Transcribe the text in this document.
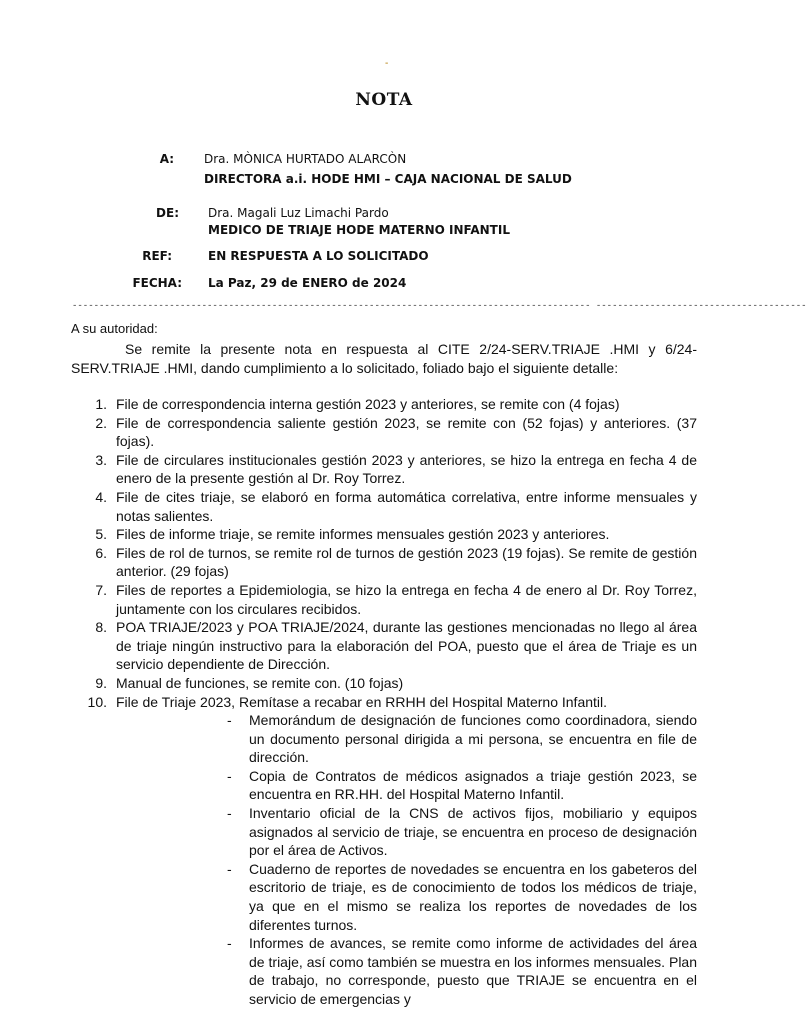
-
NOTA
A:	Dra. MÒNICA HURTADO ALARCÒN
DIRECTORA a.i. HODE HMI – CAJA NACIONAL DE SALUD
DE: Dra. Magali Luz Limachi Pardo
MEDICO DE TRIAJE HODE MATERNO INFANTIL
REF:	EN RESPUESTA A LO SOLICITADO
FECHA: La Paz, 29 de ENERO de 2024
------------------------------------------------------------------------------------------------ ---------------------------------------
A su autoridad:
Se remite la presente nota en respuesta al CITE 2/24-SERV.TRIAJE .HMI y 6/24-SERV.TRIAJE .HMI, dando cumplimiento a lo solicitado, foliado bajo el siguiente detalle:
1. File de correspondencia interna gestión 2023 y anteriores, se remite con (4 fojas)
2. File de correspondencia saliente gestión 2023, se remite con (52 fojas) y anteriores. (37 fojas).
3. File de circulares institucionales gestión 2023 y anteriores, se hizo la entrega en fecha 4 de enero de la presente gestión al Dr. Roy Torrez.
4. File de cites triaje, se elaboró en forma automática correlativa, entre informe mensuales y notas salientes.
5. Files de informe triaje, se remite informes mensuales gestión 2023 y anteriores.
6. Files de rol de turnos, se remite rol de turnos de gestión 2023 (19 fojas). Se remite de gestión anterior. (29 fojas)
7. Files de reportes a Epidemiologia, se hizo la entrega en fecha 4 de enero al Dr. Roy Torrez, juntamente con los circulares recibidos.
8. POA TRIAJE/2023 y POA TRIAJE/2024, durante las gestiones mencionadas no llego al área de triaje ningún instructivo para la elaboración del POA, puesto que el área de Triaje es un servicio dependiente de Dirección.
9. Manual de funciones, se remite con. (10 fojas)
10. File de Triaje 2023, Remítase a recabar en RRHH del Hospital Materno Infantil.
- Memorándum de designación de funciones como coordinadora, siendo un documento personal dirigida a mi persona, se encuentra en file de dirección.
- Copia de Contratos de médicos asignados a triaje gestión 2023, se encuentra en RR.HH. del Hospital Materno Infantil.
- Inventario oficial de la CNS de activos fijos, mobiliario y equipos asignados al servicio de triaje, se encuentra en proceso de designación por el área de Activos.
- Cuaderno de reportes de novedades se encuentra en los gabeteros del escritorio de triaje, es de conocimiento de todos los médicos de triaje, ya que en el mismo se realiza los reportes de novedades de los diferentes turnos.
- Informes de avances, se remite como informe de actividades del área de triaje, así como también se muestra en los informes mensuales. Plan de trabajo, no corresponde, puesto que TRIAJE se encuentra en el servicio de emergencias y
